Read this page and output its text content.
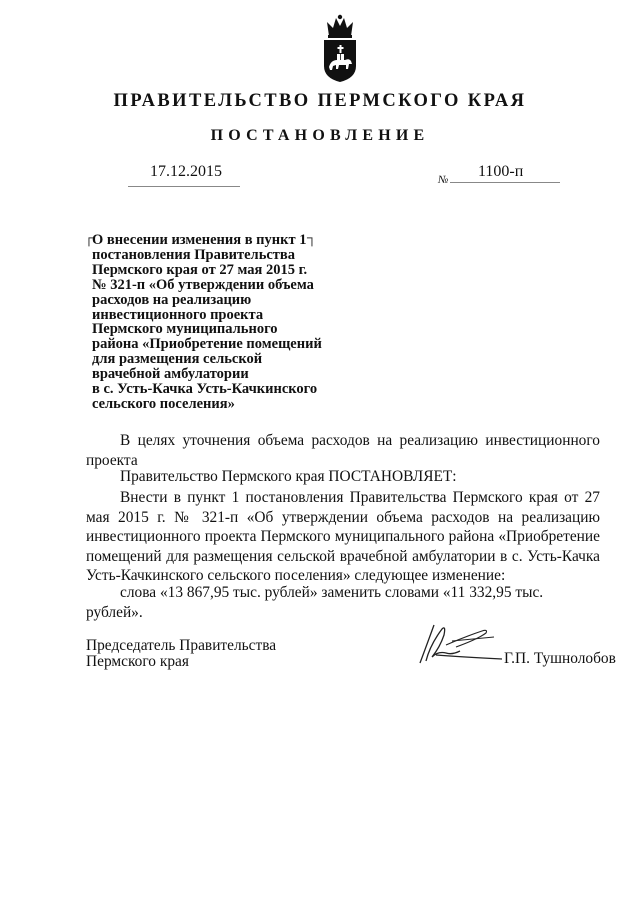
ПРАВИТЕЛЬСТВО ПЕРМСКОГО КРАЯ
ПОСТАНОВЛЕНИЕ
17.12.2015	№ 1100-п
┌	┐
О внесении изменения в пункт 1
постановления Правительства
Пермского края от 27 мая 2015 г.
№ 321-п «Об утверждении объема
расходов на реализацию
инвестиционного проекта
Пермского муниципального
района «Приобретение помещений
для размещения сельской
врачебной амбулатории
в с. Усть-Качка Усть-Качкинского
сельского поселения»
В целях уточнения объема расходов на реализацию инвестиционного проекта
Правительство Пермского края ПОСТАНОВЛЯЕТ:
Внести в пункт 1 постановления Правительства Пермского края от 27 мая 2015 г. № 321-п «Об утверждении объема расходов на реализацию инвестиционного проекта Пермского муниципального района «Приобретение помещений для размещения сельской врачебной амбулатории в с. Усть-Качка Усть-Качкинского сельского поселения» следующее изменение:
слова «13 867,95 тыс. рублей» заменить словами «11 332,95 тыс. рублей».
Председатель Правительства
Пермского края	Г.П. Тушнолобов
